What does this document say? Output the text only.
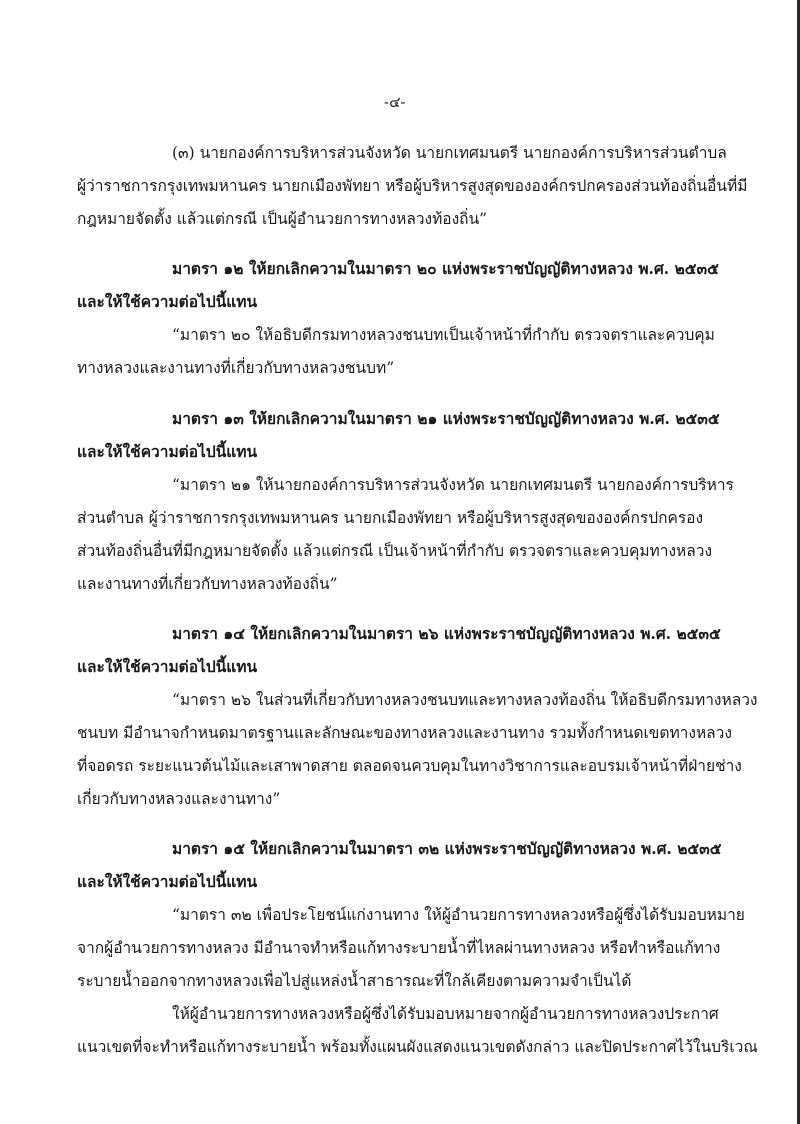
-๔-
(๓) นายกองค์การบริหารส่วนจังหวัด นายกเทศมนตรี นายกองค์การบริหารส่วนตำบล
ผู้ว่าราชการกรุงเทพมหานคร นายกเมืองพัทยา หรือผู้บริหารสูงสุดขององค์กรปกครองส่วนท้องถิ่นอื่นที่มี
กฎหมายจัดตั้ง แล้วแต่กรณี เป็นผู้อำนวยการทางหลวงท้องถิ่น”
มาตรา ๑๒ ให้ยกเลิกความในมาตรา ๒๐ แห่งพระราชบัญญัติทางหลวง พ.ศ. ๒๕๓๕
และให้ใช้ความต่อไปนี้แทน
“มาตรา ๒๐ ให้อธิบดีกรมทางหลวงชนบทเป็นเจ้าหน้าที่กำกับ ตรวจตราและควบคุม
ทางหลวงและงานทางที่เกี่ยวกับทางหลวงชนบท”
มาตรา ๑๓ ให้ยกเลิกความในมาตรา ๒๑ แห่งพระราชบัญญัติทางหลวง พ.ศ. ๒๕๓๕
และให้ใช้ความต่อไปนี้แทน
“มาตรา ๒๑ ให้นายกองค์การบริหารส่วนจังหวัด นายกเทศมนตรี นายกองค์การบริหาร
ส่วนตำบล ผู้ว่าราชการกรุงเทพมหานคร นายกเมืองพัทยา หรือผู้บริหารสูงสุดขององค์กรปกครอง
ส่วนท้องถิ่นอื่นที่มีกฎหมายจัดตั้ง แล้วแต่กรณี เป็นเจ้าหน้าที่กำกับ ตรวจตราและควบคุมทางหลวง
และงานทางที่เกี่ยวกับทางหลวงท้องถิ่น”
มาตรา ๑๔ ให้ยกเลิกความในมาตรา ๒๖ แห่งพระราชบัญญัติทางหลวง พ.ศ. ๒๕๓๕
และให้ใช้ความต่อไปนี้แทน
“มาตรา ๒๖ ในส่วนที่เกี่ยวกับทางหลวงชนบทและทางหลวงท้องถิ่น ให้อธิบดีกรมทางหลวง
ชนบท มีอำนาจกำหนดมาตรฐานและลักษณะของทางหลวงและงานทาง รวมทั้งกำหนดเขตทางหลวง
ที่จอดรถ ระยะแนวต้นไม้และเสาพาดสาย ตลอดจนควบคุมในทางวิชาการและอบรมเจ้าหน้าที่ฝ่ายช่าง
เกี่ยวกับทางหลวงและงานทาง”
มาตรา ๑๕ ให้ยกเลิกความในมาตรา ๓๒ แห่งพระราชบัญญัติทางหลวง พ.ศ. ๒๕๓๕
และให้ใช้ความต่อไปนี้แทน
“มาตรา ๓๒ เพื่อประโยชน์แก่งานทาง ให้ผู้อำนวยการทางหลวงหรือผู้ซึ่งได้รับมอบหมาย
จากผู้อำนวยการทางหลวง มีอำนาจทำหรือแก้ทางระบายน้ำที่ไหลผ่านทางหลวง หรือทำหรือแก้ทาง
ระบายน้ำออกจากทางหลวงเพื่อไปสู่แหล่งน้ำสาธารณะที่ใกล้เคียงตามความจำเป็นได้
ให้ผู้อำนวยการทางหลวงหรือผู้ซึ่งได้รับมอบหมายจากผู้อำนวยการทางหลวงประกาศ
แนวเขตที่จะทำหรือแก้ทางระบายน้ำ พร้อมทั้งแผนผังแสดงแนวเขตดังกล่าว และปิดประกาศไว้ในบริเวณ
